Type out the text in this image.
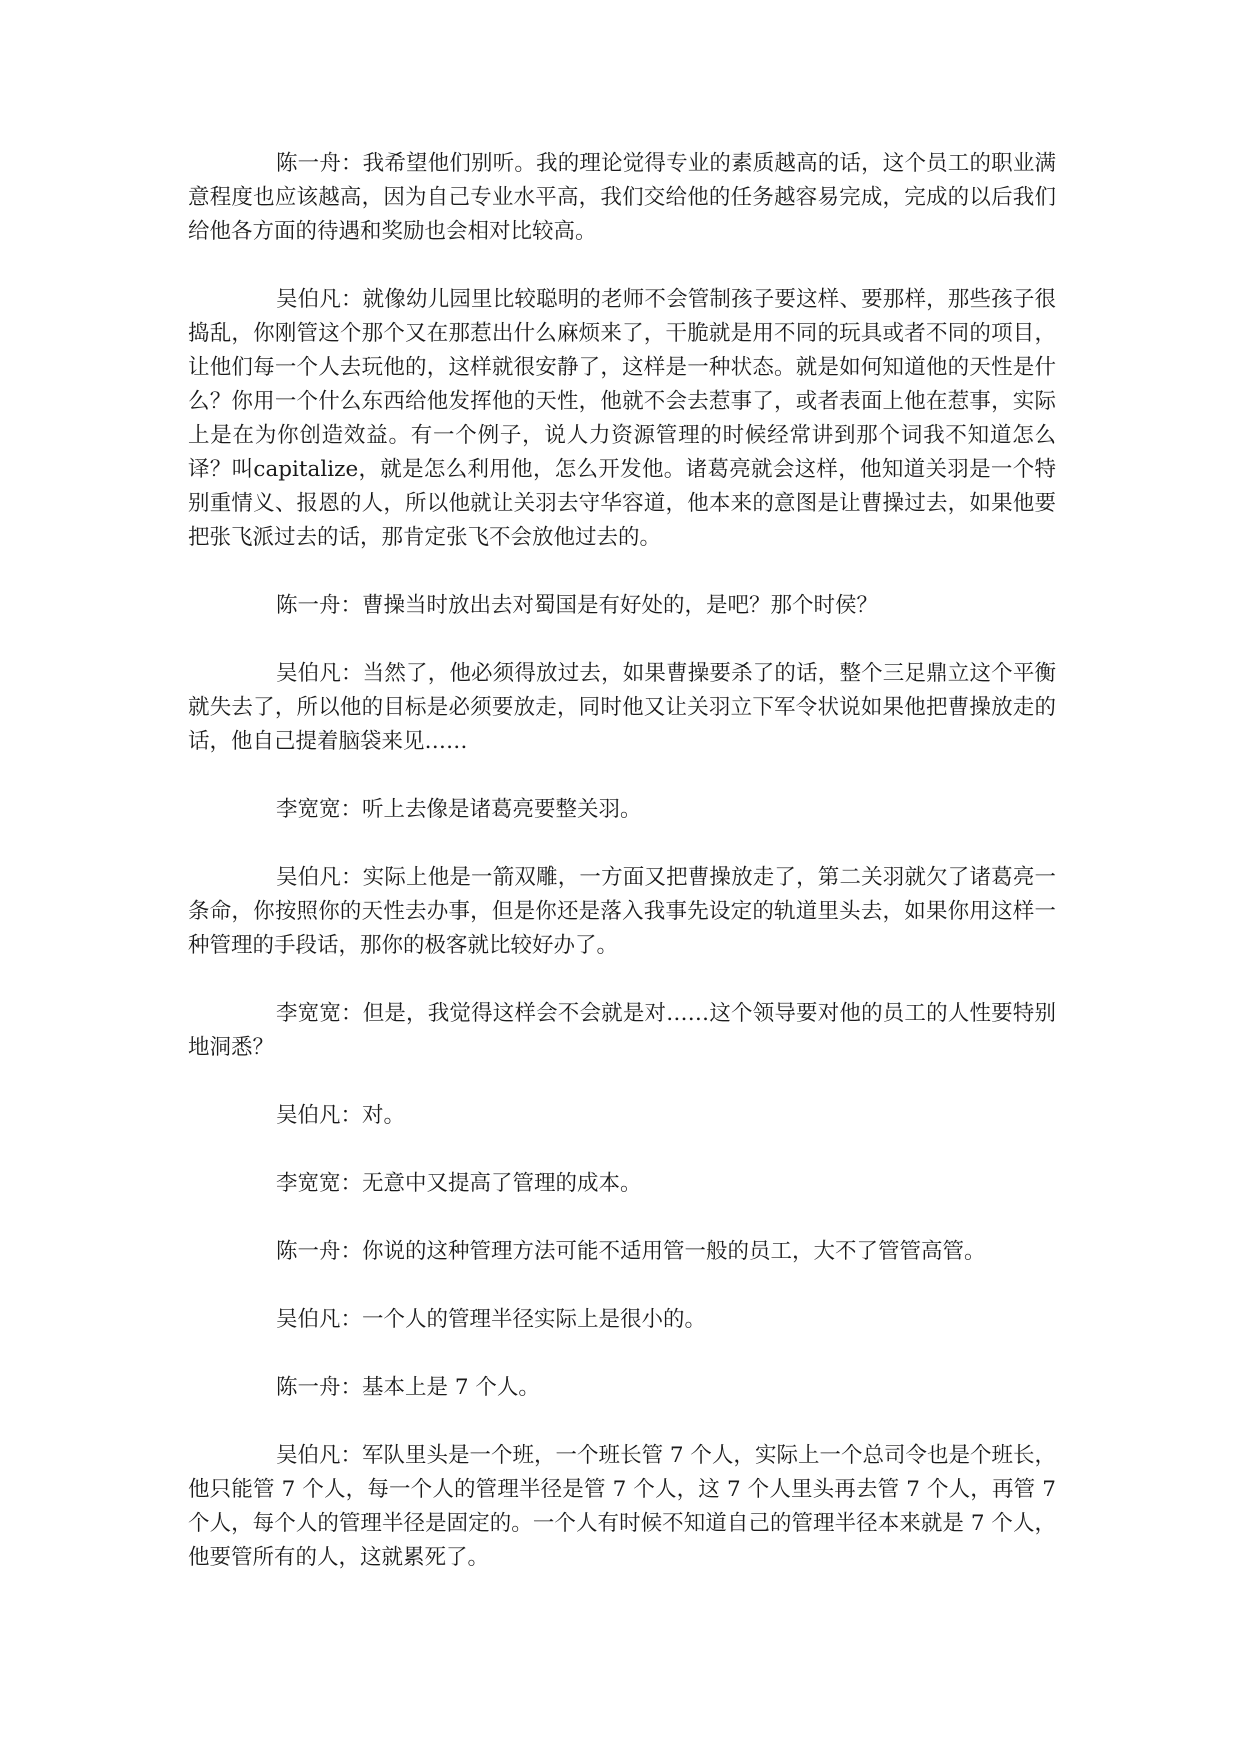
陈一舟：我希望他们别听。我的理论觉得专业的素质越高的话，这个员工的职业满意程度也应该越高，因为自己专业水平高，我们交给他的任务越容易完成，完成的以后我们给他各方面的待遇和奖励也会相对比较高。

吴伯凡：就像幼儿园里比较聪明的老师不会管制孩子要这样、要那样，那些孩子很捣乱，你刚管这个那个又在那惹出什么麻烦来了，干脆就是用不同的玩具或者不同的项目，让他们每一个人去玩他的，这样就很安静了，这样是一种状态。就是如何知道他的天性是什么？你用一个什么东西给他发挥他的天性，他就不会去惹事了，或者表面上他在惹事，实际上是在为你创造效益。有一个例子，说人力资源管理的时候经常讲到那个词我不知道怎么译？叫capitalize，就是怎么利用他，怎么开发他。诸葛亮就会这样，他知道关羽是一个特别重情义、报恩的人，所以他就让关羽去守华容道，他本来的意图是让曹操过去，如果他要把张飞派过去的话，那肯定张飞不会放他过去的。

陈一舟：曹操当时放出去对蜀国是有好处的，是吧？那个时侯？

吴伯凡：当然了，他必须得放过去，如果曹操要杀了的话，整个三足鼎立这个平衡就失去了，所以他的目标是必须要放走，同时他又让关羽立下军令状说如果他把曹操放走的话，他自己提着脑袋来见……

李宽宽：听上去像是诸葛亮要整关羽。

吴伯凡：实际上他是一箭双雕，一方面又把曹操放走了，第二关羽就欠了诸葛亮一条命，你按照你的天性去办事，但是你还是落入我事先设定的轨道里头去，如果你用这样一种管理的手段话，那你的极客就比较好办了。

李宽宽：但是，我觉得这样会不会就是对……这个领导要对他的员工的人性要特别地洞悉？

吴伯凡：对。

李宽宽：无意中又提高了管理的成本。

陈一舟：你说的这种管理方法可能不适用管一般的员工，大不了管管高管。

吴伯凡：一个人的管理半径实际上是很小的。

陈一舟：基本上是 7 个人。

吴伯凡：军队里头是一个班，一个班长管 7 个人，实际上一个总司令也是个班长，他只能管 7 个人，每一个人的管理半径是管 7 个人，这 7 个人里头再去管 7 个人，再管 7 个人，每个人的管理半径是固定的。一个人有时候不知道自己的管理半径本来就是 7 个人，他要管所有的人，这就累死了。
